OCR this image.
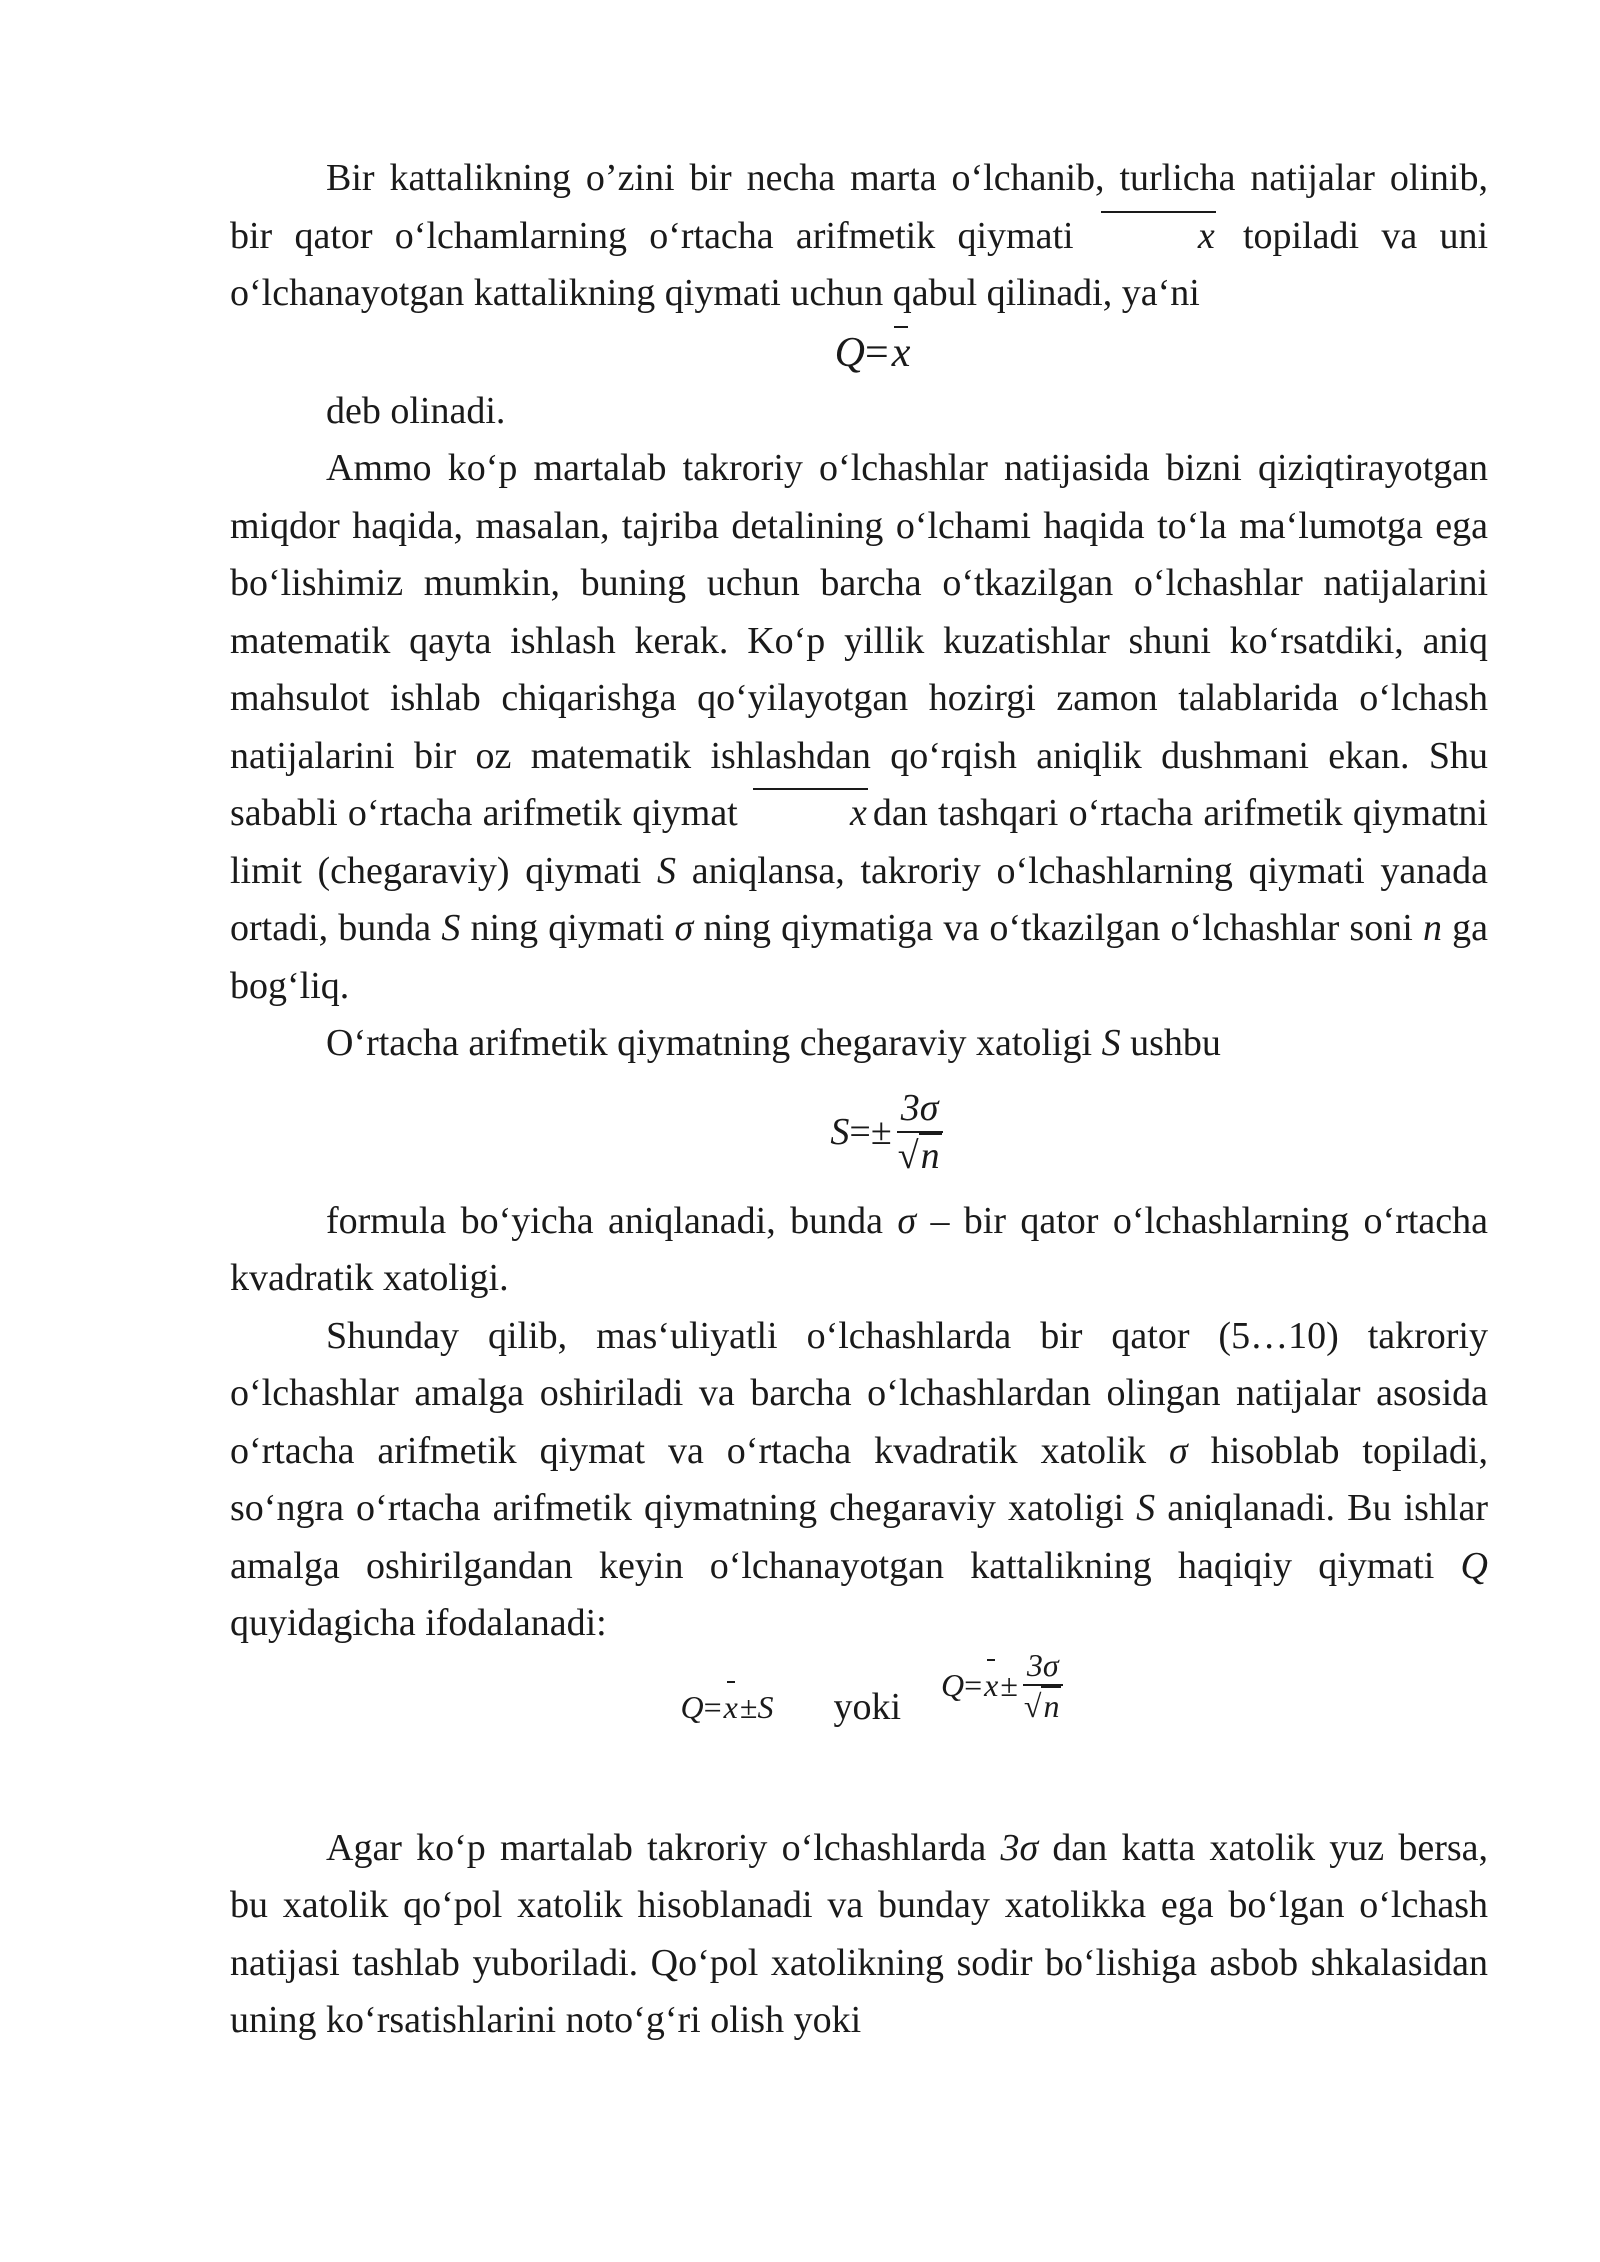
Bir kattalikning o’zini bir necha marta o‘lchanib, turlicha natijalar olinib, bir qator o‘lchamlarning o‘rtacha arifmetik qiymati	x topiladi va uni o‘lchanayotgan kattalikning qiymati uchun qabul qilinadi, ya‘ni

Q=x

deb olinadi.

Ammo ko‘p martalab takroriy o‘lchashlar natijasida bizni qiziqtirayotgan miqdor haqida, masalan, tajriba detalining o‘lchami haqida to‘la ma‘lumotga ega bo‘lishimiz mumkin, buning uchun barcha o‘tkazilgan o‘lchashlar natijalarini matematik qayta ishlash kerak. Ko‘p yillik kuzatishlar shuni ko‘rsatdiki, aniq mahsulot ishlab chiqarishga qo‘yilayotgan hozirgi zamon talablarida o‘lchash natijalarini bir oz matematik ishlashdan qo‘rqish aniqlik dushmani ekan. Shu sababli o‘rtacha arifmetik qiymat	x dan tashqari o‘rtacha arifmetik qiymatni limit (chegaraviy) qiymati S aniqlansa, takroriy o‘lchashlarning qiymati yanada ortadi, bunda S ning qiymati σ ning qiymatiga va o‘tkazilgan o‘lchashlar soni n ga bog‘liq.

O‘rtacha arifmetik qiymatning chegaraviy xatoligi S ushbu

$S =\pm \frac{3\sigma}{√ n}$

formula bo‘yicha aniqlanadi, bunda σ – bir qator o‘lchashlarning o‘rtacha kvadratik xatoligi.

Shunday qilib, mas‘uliyatli o‘lchashlarda bir qator (5…10) takroriy o‘lchashlar amalga oshiriladi va barcha o‘lchashlardan olingan natijalar asosida o‘rtacha arifmetik qiymat va o‘rtacha kvadratik xatolik σ hisoblab topiladi, so‘ngra o‘rtacha arifmetik qiymatning chegaraviy xatoligi S aniqlanadi. Bu ishlar amalga oshirilgandan keyin o‘lchanayotgan kattalikning haqiqiy qiymati Q quyidagicha ifodalanadi:

Q = x ± S yoki
$Q = x \pm \frac{3\sigma}{√ n}$

Agar ko‘p martalab takroriy o‘lchashlarda 3σ dan katta xatolik yuz bersa, bu xatolik qo‘pol xatolik hisoblanadi va bunday xatolikka ega bo‘lgan o‘lchash natijasi tashlab yuboriladi. Qo‘pol xatolikning sodir bo‘lishiga asbob shkalasidan uning ko‘rsatishlarini noto‘g‘ri olish yoki
